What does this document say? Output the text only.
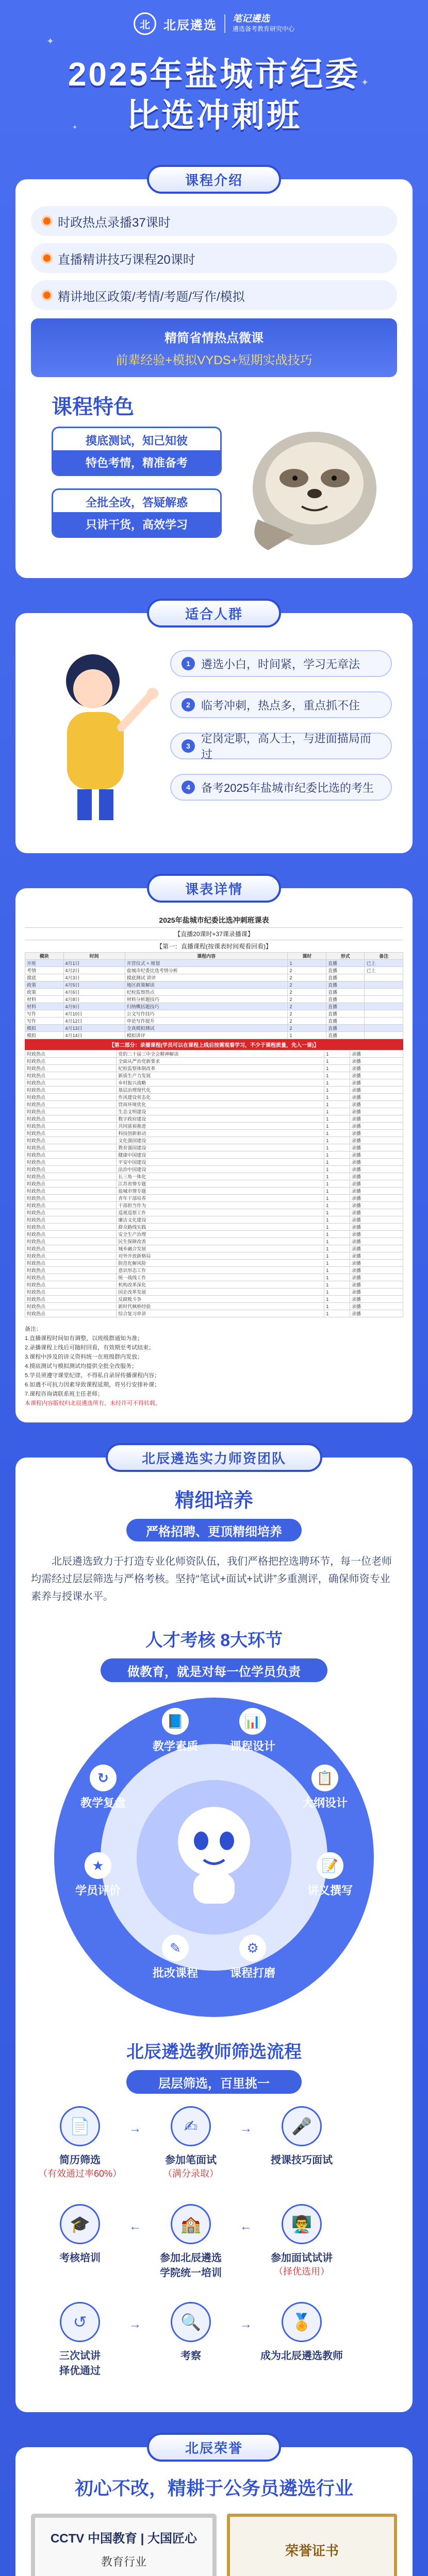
✦
✦
✦
北	北辰遴选 笔记遴选
遴选备考教育研究中心
2025年盐城市纪委
比选冲刺班
课程介绍
时政热点录播37课时
直播精讲技巧课程20课时
精讲地区政策/考情/考题/写作/模拟
精简省情热点微课
前辈经验+模拟VYDS+短期实战技巧
课程特色
摸底测试，知己知彼
特色考情，精准备考
全批全改，答疑解惑
只讲干货，高效学习
适合人群
1 遴选小白，时间紧，学习无章法
2 临考冲刺，热点多，重点抓不住
3
定岗定职，高人士，与进面描局而过
4 备考2025年盐城市纪委比选的考生
课表详情
2025年盐城市纪委比选冲刺班课表
【直播20课时+37课录播课】
【第一：直播课程(按课表时间观看回看)】
模块	时间	课程内容	课时	形式	备注
开班	4月1日	开营仪式 + 规划	1	直播	已上
考情	4月2日	盐城市纪委比选考情分析	2	直播	已上
摸底	4月3日	摸底测试 讲评	2	直播	
政策	4月5日	地区政策解读	2	直播	
政策	4月6日	纪检监察热点	2	直播	
材料	4月8日	材料分析题技巧	2	直播	
材料	4月9日	归纳概括题技巧	2	直播	
写作	4月10日	公文写作技巧	2	直播	
写作	4月12日	申论写作提升	2	直播	
模拟	4月13日	全真模拟测试	2	直播	
模拟	4月14日	模拟讲评	1	直播	
【第二部分：录播课程(学员可以在课程上线后按需观看学习，不少于课程质量，先入一课)】
时政热点	党的二十届三中全会精神解读	1	录播
时政热点	全面从严治党新要求	1	录播
时政热点	纪检监察体制改革	1	录播
时政热点	新质生产力发展	1	录播
时政热点	乡村振兴战略	1	录播
时政热点	基层治理现代化	1	录播
时政热点	作风建设常态化	1	录播
时政热点	营商环境优化	1	录播
时政热点	生态文明建设	1	录播
时政热点	数字政府建设	1	录播
时政热点	共同富裕推进	1	录播
时政热点	科技创新驱动	1	录播
时政热点	文化强国建设	1	录播
时政热点	教育强国建设	1	录播
时政热点	健康中国建设	1	录播
时政热点	平安中国建设	1	录播
时政热点	法治中国建设	1	录播
时政热点	长三角一体化	1	录播
时政热点	江苏省情专题	1	录播
时政热点	盐城市情专题	1	录播
时政热点	青年干部培养	1	录播
时政热点	干部担当作为	1	录播
时政热点	巡视巡察工作	1	录播
时政热点	廉洁文化建设	1	录播
时政热点	群众路线实践	1	录播
时政热点	安全生产治理	1	录播
时政热点	民生保障改善	1	录播
时政热点	城乡融合发展	1	录播
时政热点	对外开放新格局	1	录播
时政热点	防范化解风险	1	录播
时政热点	意识形态工作	1	录播
时政热点	统一战线工作	1	录播
时政热点	机构改革深化	1	录播
时政热点	国企改革发展	1	录播
时政热点	反腐败斗争	1	录播
时政热点	新时代枫桥经验	1	录播
时政热点	综合复习串讲	1	录播
备注：
1.直播课程时间如有调整，以班级群通知为准；
2.录播课程上线后可随时回看，有效期至考试结束；
3.课程中涉及的讲义资料统一在班级群内发放；
4.摸底测试与模拟测试均提供全批全改服务；
5.学员须遵守课堂纪律，不得私自录屏传播课程内容；
6.如遇不可抗力因素导致课程延期，将另行安排补课；
7.课程咨询请联系班主任老师；
本课程内容版权归北辰遴选所有，未经许可不得转载。
北辰遴选实力师资团队
精细培养
严格招聘、更顶精细培养
北辰遴选致力于打造专业化师资队伍，我们严格把控选聘环节，每一位老师均需经过层层筛选与严格考核。坚持“笔试+面试+试讲”多重测评，确保师资专业素养与授课水平。
人才考核 8大环节
做教育，就是对每一位学员负责
📘
教学素质
📊
课程设计
📋
大纲设计
📝
讲义撰写
⚙
课程打磨
✎
批改课程
★
学员评价
↻
教学复盘
北辰遴选教师筛选流程
层层筛选，百里挑一
📄
简历筛选
（有效通过率60%）
→	✍
参加笔面试
（满分录取）
→	🎤
授课技巧面试
🎓
考核培训
←	🏫
参加北辰遴选
学院统一培训
←	👨‍🏫
参加面试试讲
（择优选用）
↺
三次试讲
择优通过
→	🔍
考察
→	🏅
成为北辰遴选教师
北辰荣誉
初心不改，精耕于公务员遴选行业
CCTV 中国教育 | 大国匠心
教育行业
荣誉证书
